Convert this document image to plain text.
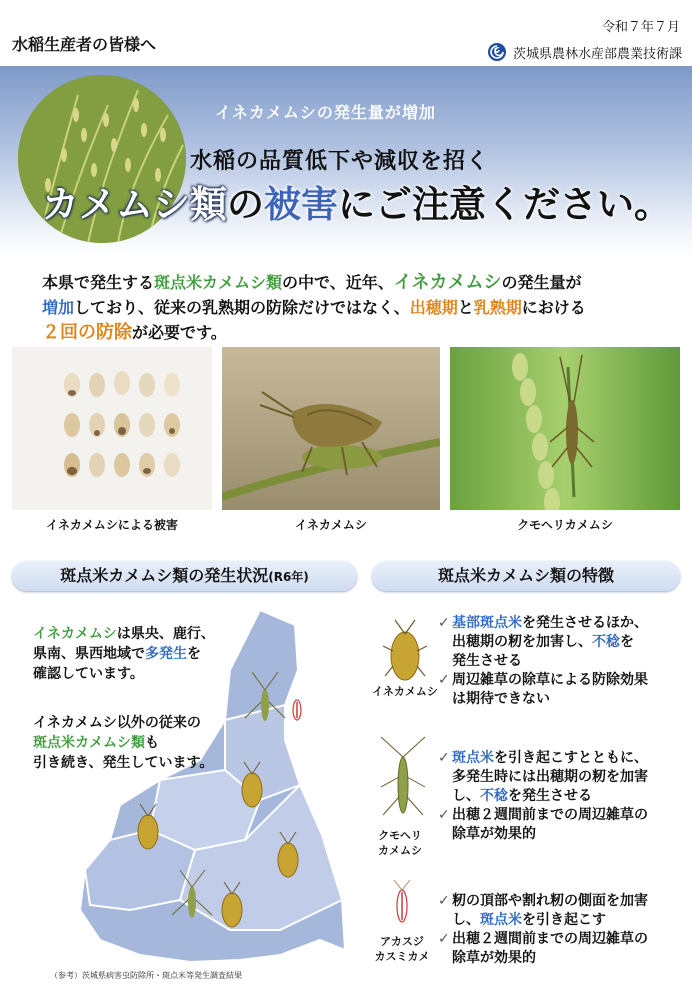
水稲生産者の皆様へ
令和７年７月
茨城県農林水産部農業技術課
イネカメムシの発生量が増加
水稲の品質低下や減収を招く
カメムシ類の被害にご注意ください。
本県で発生する斑点米カメムシ類の中で、近年、イネカメムシの発生量が
増加しており、従来の乳熟期の防除だけではなく、出穂期と乳熟期における
２回の防除が必要です。
イネカメムシによる被害	イネカメムシ	クモヘリカメムシ
斑点米カメムシ類の発生状況(R6年)	斑点米カメムシ類の特徴
イネカメムシは県央、鹿行、
県南、県西地域で多発生を
確認しています。
イネカメムシ以外の従来の
斑点米カメムシ類も
引き続き、発生しています。
（参考）茨城県病害虫防除所・斑点米等発生調査結果
イネカメムシ
✓ 基部斑点米を発生させるほか、
出穂期の籾を加害し、不稔を
発生させる
✓ 周辺雑草の除草による防除効果
は期待できない
クモヘリ
カメムシ
✓ 斑点米を引き起こすとともに、
多発生時には出穂期の籾を加害
し、不稔を発生させる
✓ 出穂２週間前までの周辺雑草の
除草が効果的
アカスジ
カスミカメ
✓ 籾の頂部や割れ籾の側面を加害
し、斑点米を引き起こす
✓ 出穂２週間前までの周辺雑草の
除草が効果的
